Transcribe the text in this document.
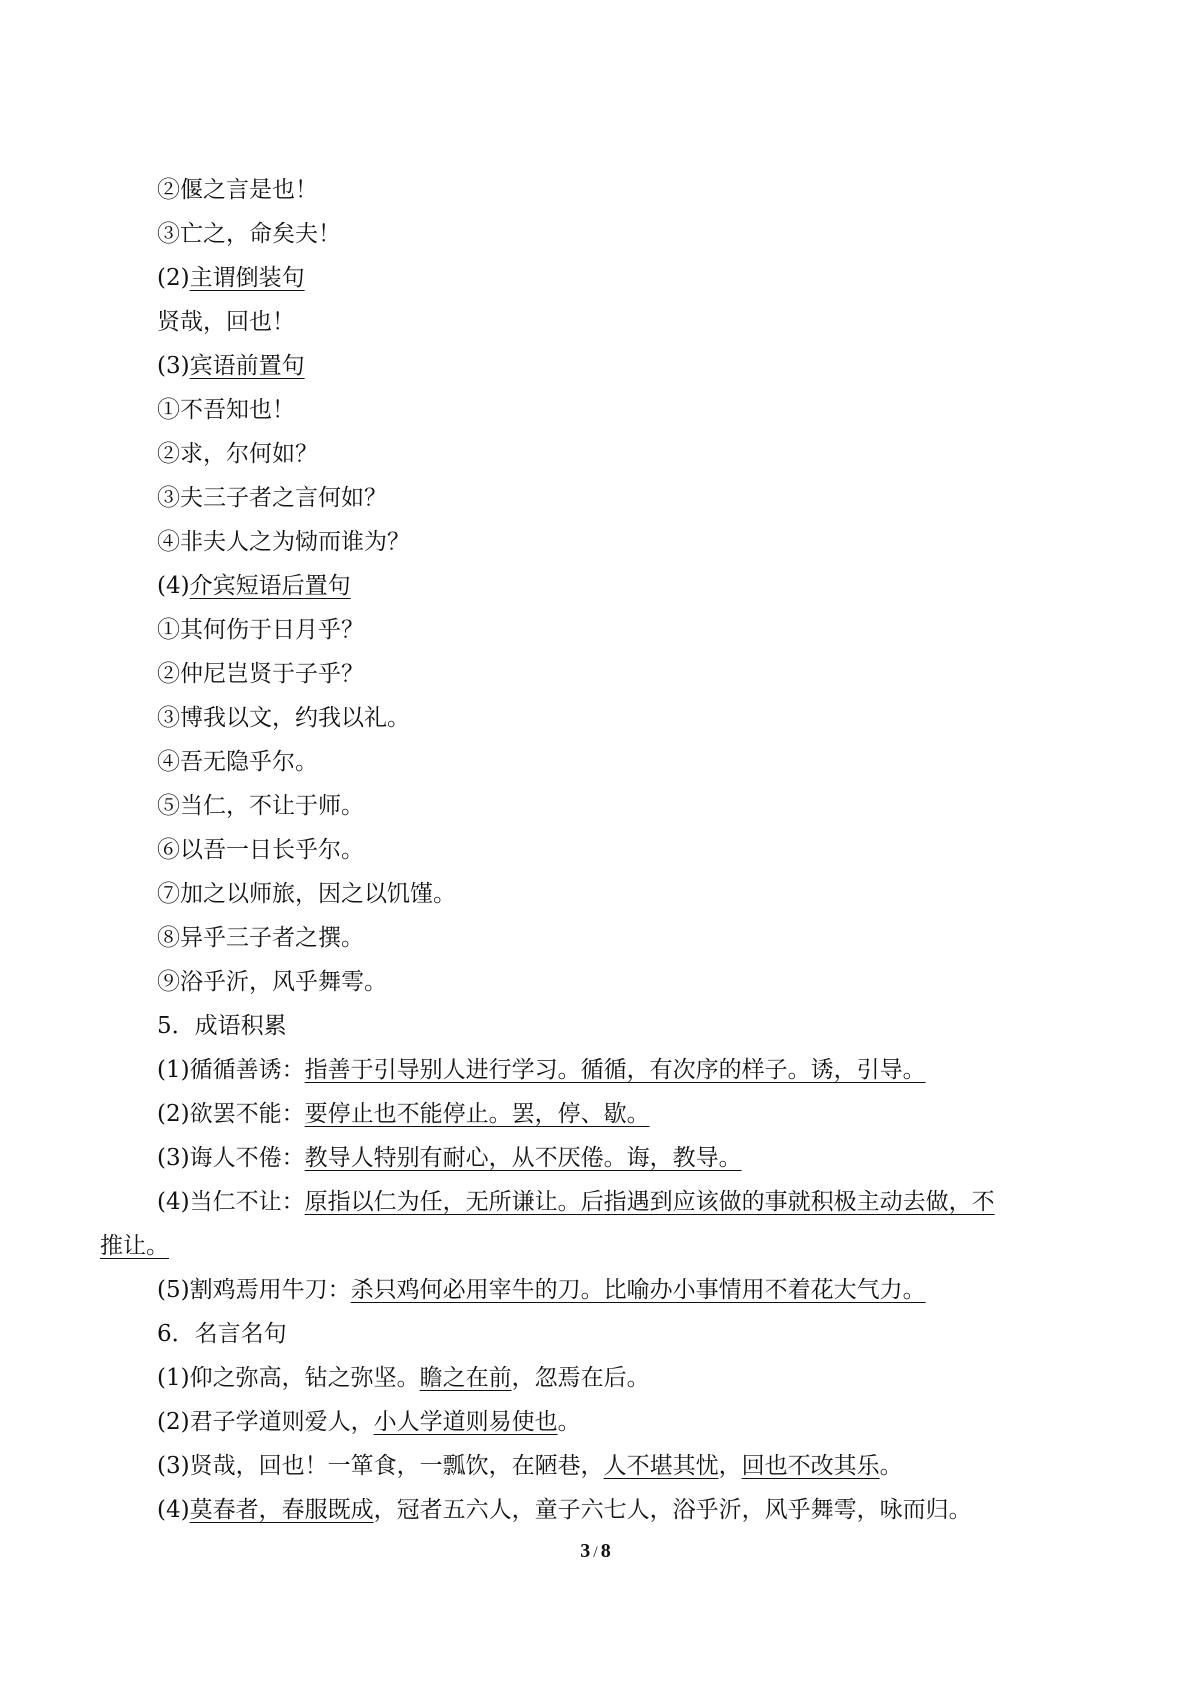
②偃之言是也！
③亡之，命矣夫！
(2)主谓倒装句
贤哉，回也！
(3)宾语前置句
①不吾知也！
②求，尔何如？
③夫三子者之言何如？
④非夫人之为恸而谁为？
(4)介宾短语后置句
①其何伤于日月乎？
②仲尼岂贤于子乎？
③博我以文，约我以礼。
④吾无隐乎尔。
⑤当仁，不让于师。
⑥以吾一日长乎尔。
⑦加之以师旅，因之以饥馑。
⑧异乎三子者之撰。
⑨浴乎沂，风乎舞雩。
5．成语积累
(1)循循善诱：指善于引导别人进行学习。循循，有次序的样子。诱，引导。
(2)欲罢不能：要停止也不能停止。罢，停、歇。
(3)诲人不倦：教导人特别有耐心，从不厌倦。诲，教导。
(4)当仁不让：原指以仁为任，无所谦让。后指遇到应该做的事就积极主动去做，不
推让。
(5)割鸡焉用牛刀：杀只鸡何必用宰牛的刀。比喻办小事情用不着花大气力。
6．名言名句
(1)仰之弥高，钻之弥坚。瞻之在前，忽焉在后。
(2)君子学道则爱人，小人学道则易使也。
(3)贤哉，回也！一箪食，一瓢饮，在陋巷，人不堪其忧，回也不改其乐。
(4)莫春者，春服既成，冠者五六人，童子六七人，浴乎沂，风乎舞雩，咏而归。
3 / 8
